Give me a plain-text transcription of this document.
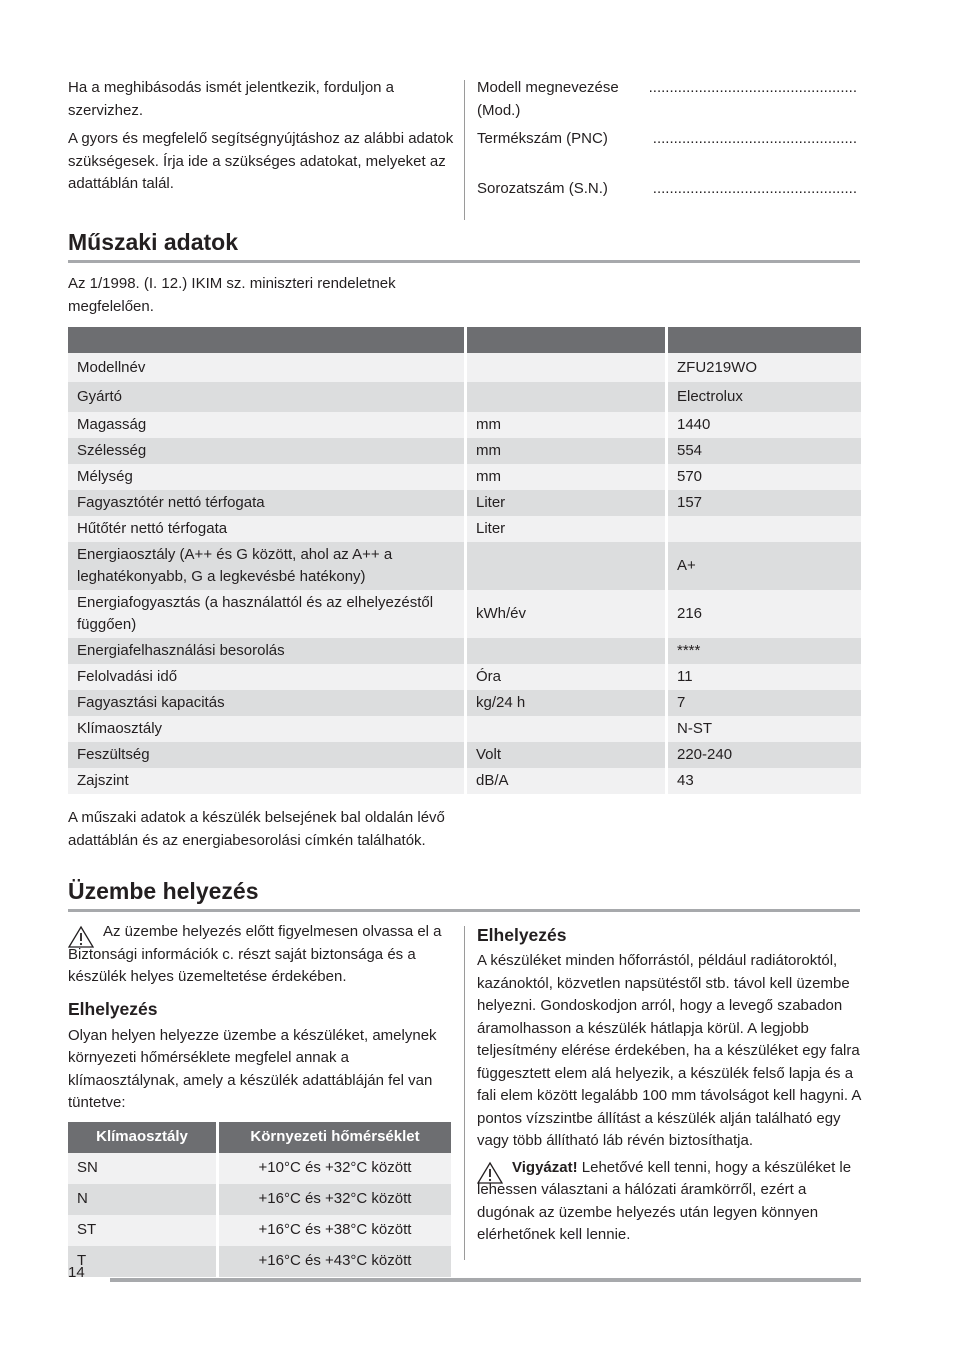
Ha a meghibásodás ismét jelentkezik, forduljon a szervizhez.

A gyors és megfelelő segítségnyújtáshoz az alábbi adatok szükségesek. Írja ide a szükséges adatokat, melyeket az adattáblán talál.

Modell megnevezése (Mod.)
..................................................
Termékszám (PNC)	.................................................
Sorozatszám (S.N.)	.................................................
Műszaki adatok

Az 1/1998. (I. 12.) IKIM sz. miniszteri rendeletnek megfelelően.

Modellnév		ZFU219WO
Gyártó		Electrolux
Magasság	mm	1440
Szélesség	mm	554
Mélység	mm	570
Fagyasztótér nettó térfogata	Liter	157
Hűtőtér nettó térfogata	Liter	
Energiaosztály (A++ és G között, ahol az A++ a leghatékonyabb, G a legkevésbé hatékony)		A+
Energiafogyasztás (a használattól és az elhelyezéstől függően)	kWh/év	216
Energiafelhasználási besorolás		****
Felolvadási idő	Óra	11
Fagyasztási kapacitás	kg/24 h	7
Klímaosztály		N-ST
Feszültség	Volt	220-240
Zajszint	dB/A	43

A műszaki adatok a készülék belsejének bal oldalán lévő adattáblán és az energiabesorolási címkén találhatók.

Üzembe helyezés

Az üzembe helyezés előtt figyelmesen olvassa el a Biztonsági információk c. részt saját biztonsága és a készülék helyes üzemeltetése érdekében.

Elhelyezés

Olyan helyen helyezze üzembe a készüléket, amelynek környezeti hőmérséklete megfelel annak a klímaosztálynak, amely a készülék adattábláján fel van tüntetve:

Klímaosztály	Környezeti hőmérséklet
SN	+10°C és +32°C között
N	+16°C és +32°C között
ST	+16°C és +38°C között
T	+16°C és +43°C között
Elhelyezés

A készüléket minden hőforrástól, például radiátoroktól, kazánoktól, közvetlen napsütéstől stb. távol kell üzembe helyezni. Gondoskodjon arról, hogy a levegő szabadon áramolhasson a készülék hátlapja körül. A legjobb teljesítmény elérése érdekében, ha a készüléket egy falra függesztett elem alá helyezik, a készülék felső lapja és a fali elem között legalább 100 mm távolságot kell hagyni. A pontos vízszintbe állítást a készülék alján található egy vagy több állítható láb révén biztosíthatja.

Vigyázat! Lehetővé kell tenni, hogy a készüléket le lehessen választani a hálózati áramkörről, ezért a dugónak az üzembe helyezés után legyen könnyen elérhetőnek kell lennie.

14
